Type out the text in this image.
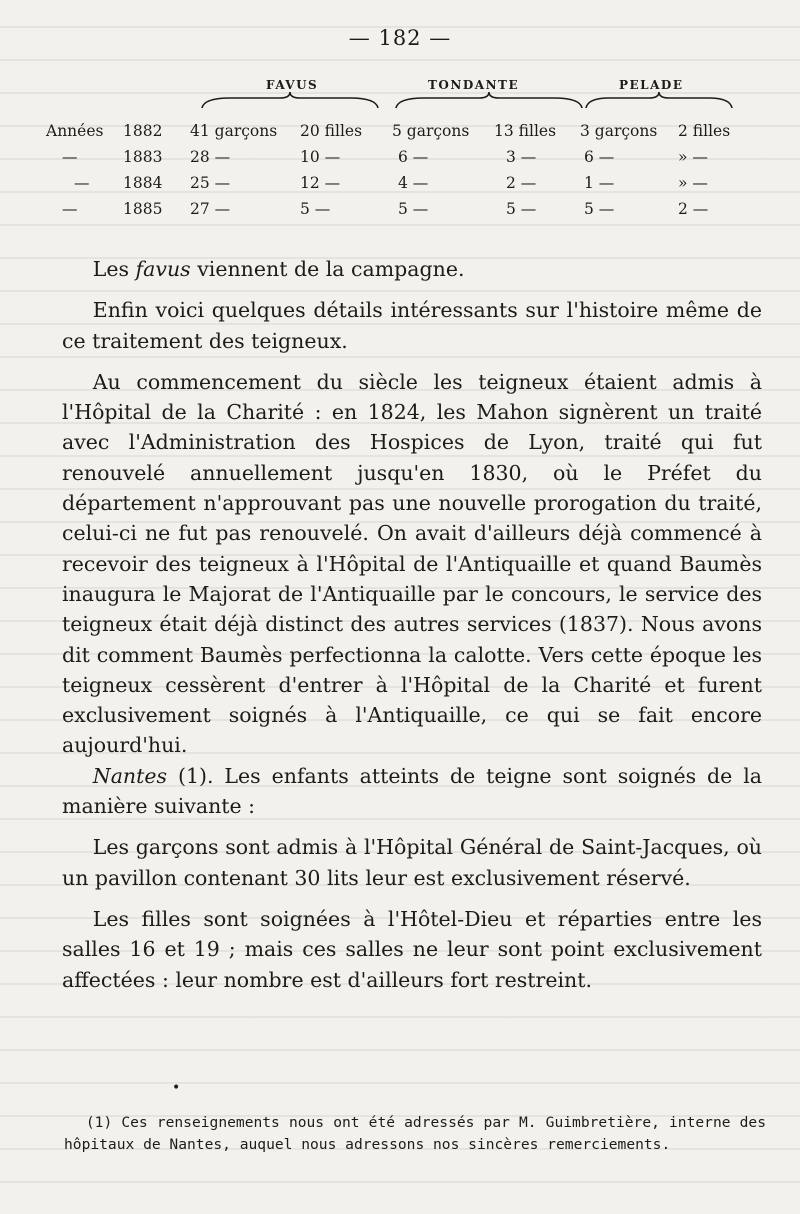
— 182 —
FAVUS	TONDANTE	PELADE
Années 1882 41 garçons 20 filles 5 garçons 13 filles 3 garçons 2 filles
—	1883 28 —	10 —	6 —	3 —	6 —	» —
— 1884 25 —	12 —	4 —	2 —	1 —	» —
—	1885 27 —	5 —	5 —	5 —	5 —	2 —

Les favus viennent de la campagne.

Enfin voici quelques détails intéressants sur l'histoire même de ce traitement des teigneux.

Au commencement du siècle les teigneux étaient admis à l'Hôpital de la Charité : en 1824, les Mahon signèrent un traité avec l'Administration des Hospices de Lyon, traité qui fut renouvelé annuellement jusqu'en 1830, où le Préfet du département n'approuvant pas une nouvelle prorogation du traité, celui-ci ne fut pas renouvelé. On avait d'ailleurs déjà commencé à recevoir des teigneux à l'Hôpital de l'Antiquaille et quand Baumès inaugura le Majorat de l'Antiquaille par le concours, le service des teigneux était déjà distinct des autres services (1837). Nous avons dit comment Baumès perfectionna la calotte. Vers cette époque les teigneux cessèrent d'entrer à l'Hôpital de la Charité et furent exclusivement soignés à l'Antiquaille, ce qui se fait encore aujourd'hui.

Nantes (1). Les enfants atteints de teigne sont soignés de la manière suivante :

Les garçons sont admis à l'Hôpital Général de Saint-Jacques, où un pavillon contenant 30 lits leur est exclusivement réservé.

Les filles sont soignées à l'Hôtel-Dieu et réparties entre les salles 16 et 19 ; mais ces salles ne leur sont point exclusivement affectées : leur nombre est d'ailleurs fort restreint.

•

(1) Ces renseignements nous ont été adressés par M. Guimbretière, interne des hôpitaux de Nantes, auquel nous adressons nos sincères remerciements.
